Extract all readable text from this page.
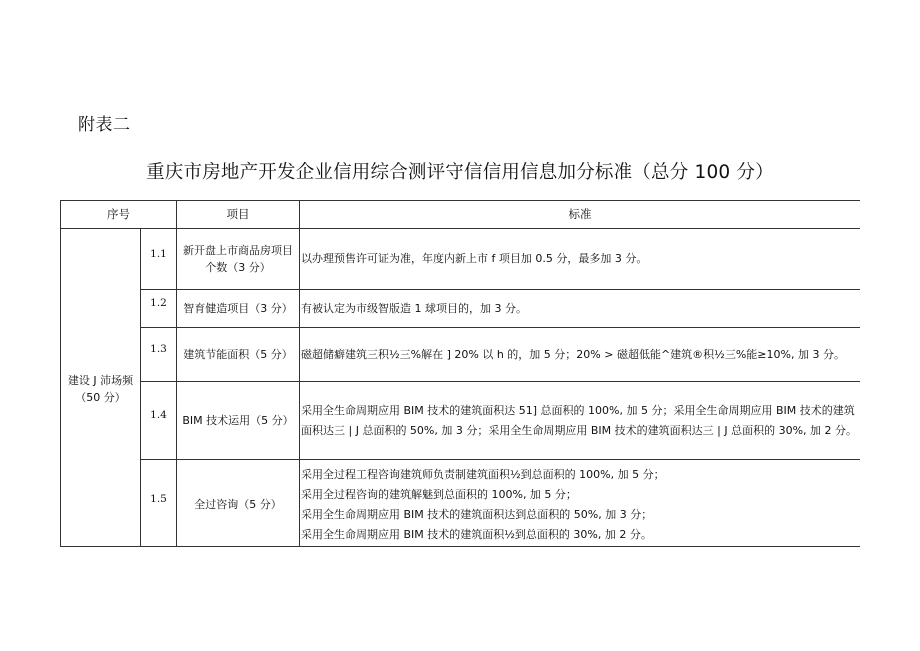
附表二
重庆市房地产开发企业信用综合测评守信信用信息加分标准（总分 100 分）
序号		项目	标准

建设 J 沛场频
（50 分）	1.1	新开盘上市商品房项目个数（3 分）	以办理预售许可证为准，年度内新上市 f 项目加 0.5 分，最多加 3 分。

	1.2	智育健造项目（3 分）	有被认定为市级智版造 1 球项目的，加 3 分。

	1.3	建筑节能面积（5 分）	磁超储癖建筑三积½三%解在 ] 20% 以 h 的，加 5 分；20% > 磁超低能^建筑®积½三%能≥10%, 加 3 分。

	1.4	BIM 技术运用（5 分）	采用全生命周期应用 BIM 技术的建筑面积达 51] 总面积的 100%, 加 5 分；采用全生命周期应用 BIM 技术的建筑面积达三 | J 总面积的 50%, 加 3 分；采用全生命周期应用 BIM 技术的建筑面积达三 | J 总面积的 30%, 加 2 分。

	1.5	全过咨询（5 分）	采用全过程工程咨询建筑师负责制建筑面积½到总面积的 100%, 加 5 分；
采用全过程咨询的建筑解魅到总面积的 100%, 加 5 分；
采用全生命周期应用 BIM 技术的建筑面积达到总面积的 50%, 加 3 分；
采用全生命周期应用 BIM 技术的建筑面积½到总面积的 30%, 加 2 分。
